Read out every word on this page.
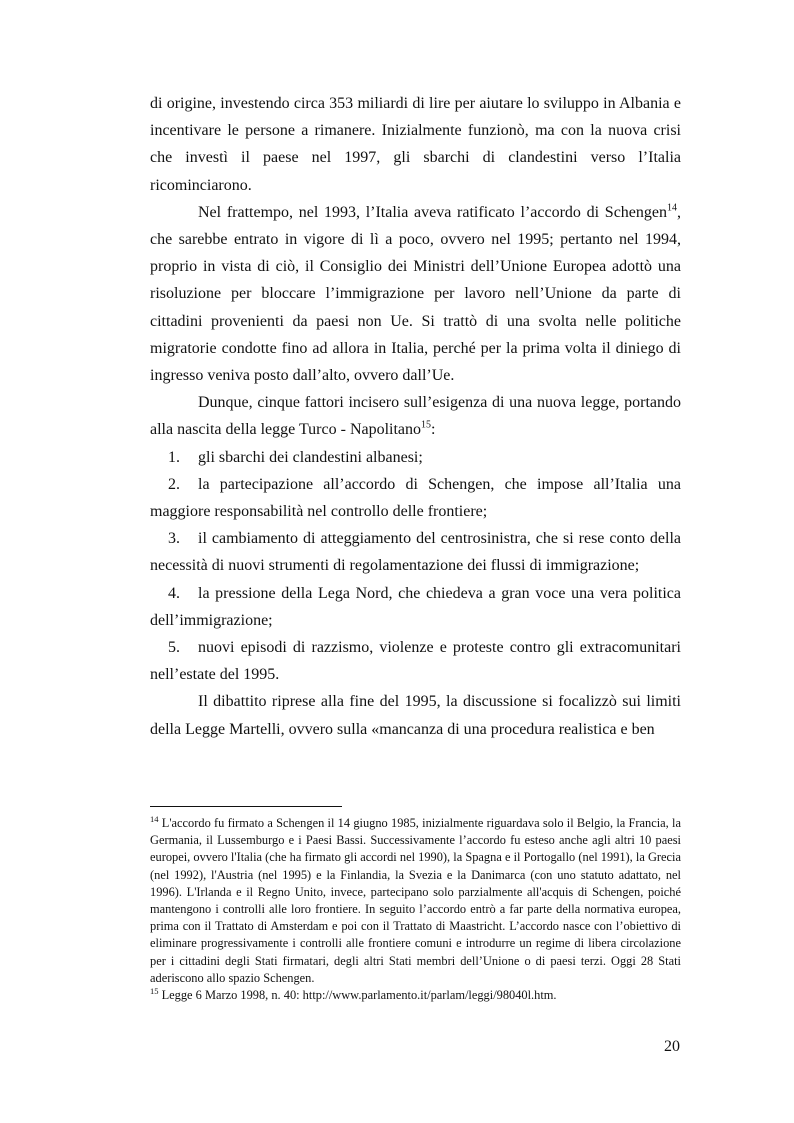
di origine, investendo circa 353 miliardi di lire per aiutare lo sviluppo in Albania e incentivare le persone a rimanere. Inizialmente funzionò, ma con la nuova crisi che investì il paese nel 1997, gli sbarchi di clandestini verso l’Italia ricominciarono.

Nel frattempo, nel 1993, l’Italia aveva ratificato l’accordo di Schengen$^{14}$, che sarebbe entrato in vigore di lì a poco, ovvero nel 1995; pertanto nel 1994, proprio in vista di ciò, il Consiglio dei Ministri dell’Unione Europea adottò una risoluzione per bloccare l’immigrazione per lavoro nell’Unione da parte di cittadini provenienti da paesi non Ue. Si trattò di una svolta nelle politiche migratorie condotte fino ad allora in Italia, perché per la prima volta il diniego di ingresso veniva posto dall’alto, ovvero dall’Ue.

Dunque, cinque fattori incisero sull’esigenza di una nuova legge, portando alla nascita della legge Turco - Napolitano$^{15}$:

1. gli sbarchi dei clandestini albanesi;

2. la partecipazione all’accordo di Schengen, che impose all’Italia una maggiore responsabilità nel controllo delle frontiere;

3. il cambiamento di atteggiamento del centrosinistra, che si rese conto della necessità di nuovi strumenti di regolamentazione dei flussi di immigrazione;

4. la pressione della Lega Nord, che chiedeva a gran voce una vera politica dell’immigrazione;

5. nuovi episodi di razzismo, violenze e proteste contro gli extracomunitari nell’estate del 1995.

Il dibattito riprese alla fine del 1995, la discussione si focalizzò sui limiti della Legge Martelli, ovvero sulla «mancanza di una procedura realistica e ben

$^{14}$ L'accordo fu firmato a Schengen il 14 giugno 1985, inizialmente riguardava solo il Belgio, la Francia, la Germania, il Lussemburgo e i Paesi Bassi. Successivamente l’accordo fu esteso anche agli altri 10 paesi europei, ovvero l'Italia (che ha firmato gli accordi nel 1990), la Spagna e il Portogallo (nel 1991), la Grecia (nel 1992), l'Austria (nel 1995) e la Finlandia, la Svezia e la Danimarca (con uno statuto adattato, nel 1996). L'Irlanda e il Regno Unito, invece, partecipano solo parzialmente all'acquis di Schengen, poiché mantengono i controlli alle loro frontiere. In seguito l’accordo entrò a far parte della normativa europea, prima con il Trattato di Amsterdam e poi con il Trattato di Maastricht. L’accordo nasce con l’obiettivo di eliminare progressivamente i controlli alle frontiere comuni e introdurre un regime di libera circolazione per i cittadini degli Stati firmatari, degli altri Stati membri dell’Unione o di paesi terzi. Oggi 28 Stati aderiscono allo spazio Schengen.

$^{15}$ Legge 6 Marzo 1998, n. 40: http://www.parlamento.it/parlam/leggi/98040l.htm.

20
